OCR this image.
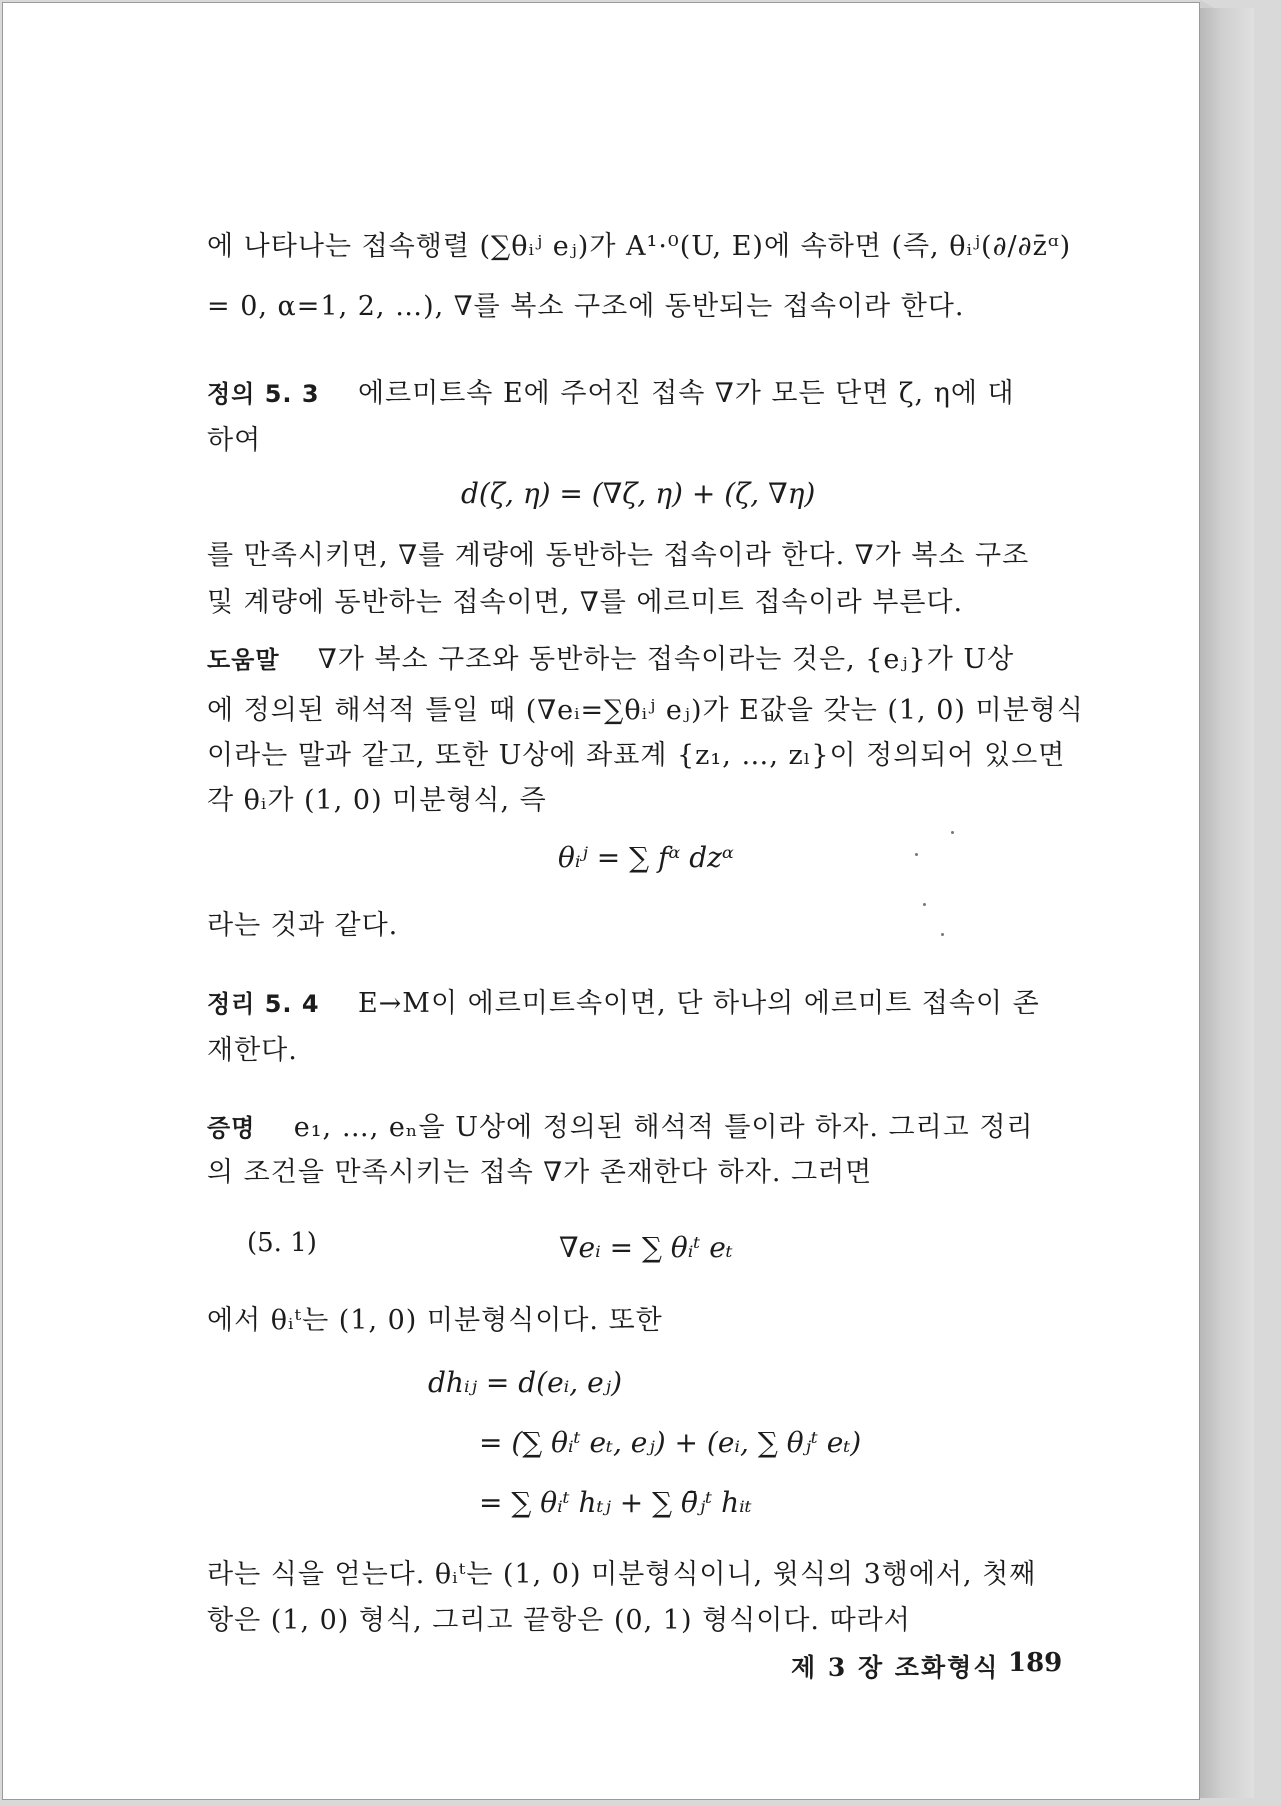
에 나타나는 접속행렬 (∑θᵢʲ eⱼ)가 A¹·⁰(U, E)에 속하면 (즉, θᵢʲ(∂/∂z̄ᵅ)
= 0, α=1, 2, …), ∇를 복소 구조에 동반되는 접속이라 한다.
정의 5. 3 에르미트속 E에 주어진 접속 ∇가 모든 단면 ζ, η에 대
하여
d(ζ, η) = (∇ζ, η) + (ζ, ∇η)
를 만족시키면, ∇를 계량에 동반하는 접속이라 한다. ∇가 복소 구조
및 계량에 동반하는 접속이면, ∇를 에르미트 접속이라 부른다.
도움말 ∇가 복소 구조와 동반하는 접속이라는 것은, {eⱼ}가 U상
에 정의된 해석적 틀일 때 (∇eᵢ=∑θᵢʲ eⱼ)가 E값을 갖는 (1, 0) 미분형식
이라는 말과 같고, 또한 U상에 좌표계 {z₁, …, zₗ}이 정의되어 있으면
각 θᵢ가 (1, 0) 미분형식, 즉
θᵢʲ = ∑ fᵅ dzᵅ
라는 것과 같다.
정리 5. 4 E→M이 에르미트속이면, 단 하나의 에르미트 접속이 존
재한다.
증명 e₁, …, eₙ을 U상에 정의된 해석적 틀이라 하자. 그리고 정리
의 조건을 만족시키는 접속 ∇가 존재한다 하자. 그러면
(5. 1)	∇eᵢ = ∑ θᵢᵗ eₜ
에서 θᵢᵗ는 (1, 0) 미분형식이다. 또한
dhᵢⱼ = d(eᵢ, eⱼ)
= (∑ θᵢᵗ eₜ, eⱼ) + (eᵢ, ∑ θⱼᵗ eₜ)
= ∑ θᵢᵗ hₜⱼ + ∑ θ̄ⱼᵗ hᵢₜ
라는 식을 얻는다. θᵢᵗ는 (1, 0) 미분형식이니, 윗식의 3행에서, 첫째
항은 (1, 0) 형식, 그리고 끝항은 (0, 1) 형식이다. 따라서
제 3 장 조화형식 189
